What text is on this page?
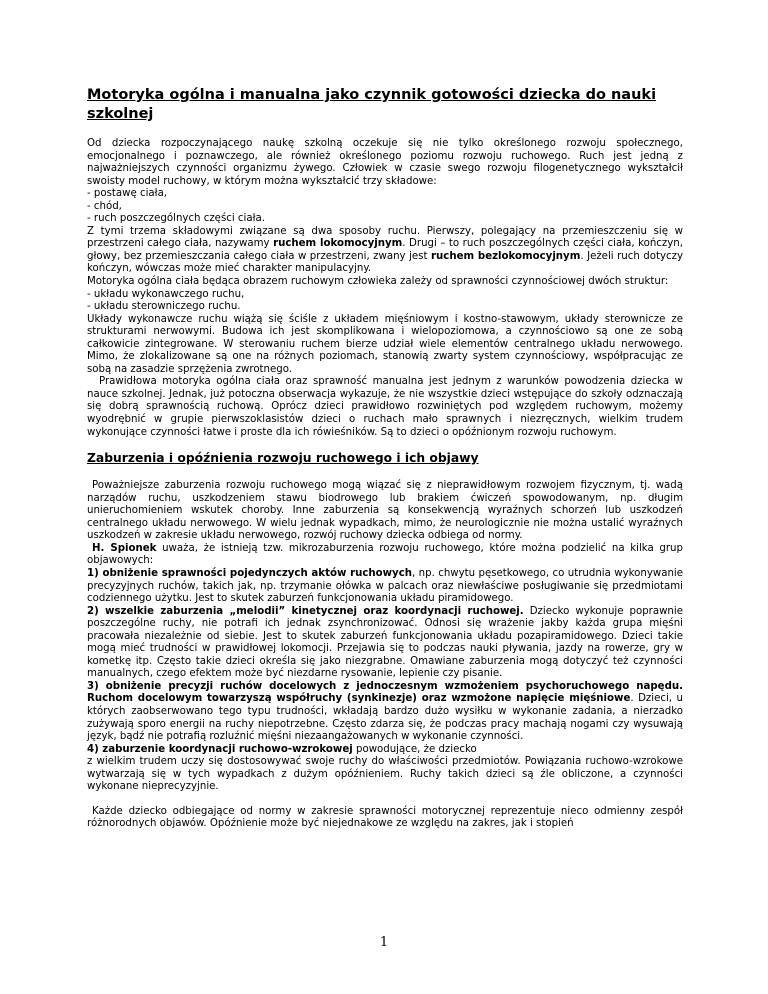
Motoryka ogólna i manualna jako czynnik gotowości dziecka do nauki szkolnej

Od dziecka rozpoczynającego naukę szkolną oczekuje się nie tylko określonego rozwoju społecznego, emocjonalnego i poznawczego, ale również określonego poziomu rozwoju ruchowego. Ruch jest jedną z najważniejszych czynności organizmu żywego. Człowiek w czasie swego rozwoju filogenetycznego wykształcił swoisty model ruchowy, w którym można wykształcić trzy składowe:

- postawę ciała,

- chód,

- ruch poszczególnych części ciała.

Z tymi trzema składowymi związane są dwa sposoby ruchu. Pierwszy, polegający na przemieszczeniu się w przestrzeni całego ciała, nazywamy ruchem lokomocyjnym. Drugi – to ruch poszczególnych części ciała, kończyn, głowy, bez przemieszczania całego ciała w przestrzeni, zwany jest ruchem bezlokomocyjnym. Jeżeli ruch dotyczy kończyn, wówczas może mieć charakter manipulacyjny.

Motoryka ogólna ciała będąca obrazem ruchowym człowieka zależy od sprawności czynnościowej dwóch struktur:

- układu wykonawczego ruchu,

- układu sterowniczego ruchu.

Układy wykonawcze ruchu wiążą się ściśle z układem mięśniowym i kostno-stawowym, układy sterownicze ze strukturami nerwowymi. Budowa ich jest skomplikowana i wielopoziomowa, a czynnościowo są one ze sobą całkowicie zintegrowane. W sterowaniu ruchem bierze udział wiele elementów centralnego układu nerwowego. Mimo, że zlokalizowane są one na różnych poziomach, stanowią zwarty system czynnościowy, współpracując ze sobą na zasadzie sprzężenia zwrotnego.

Prawidłowa motoryka ogólna ciała oraz sprawność manualna jest jednym z warunków powodzenia dziecka w nauce szkolnej. Jednak, już potoczna obserwacja wykazuje, że nie wszystkie dzieci wstępujące do szkoły odznaczają się dobrą sprawnością ruchową. Oprócz dzieci prawidłowo rozwiniętych pod względem ruchowym, możemy wyodrębnić w grupie pierwszoklasistów dzieci o ruchach mało sprawnych i niezręcznych, wielkim trudem wykonujące czynności łatwe i proste dla ich rówieśników. Są to dzieci o opóźnionym rozwoju ruchowym.

Zaburzenia i opóźnienia rozwoju ruchowego i ich objawy

Poważniejsze zaburzenia rozwoju ruchowego mogą wiązać się z nieprawidłowym rozwojem fizycznym, tj. wadą narządów ruchu, uszkodzeniem stawu biodrowego lub brakiem ćwiczeń spowodowanym, np. długim unieruchomieniem wskutek choroby. Inne zaburzenia są konsekwencją wyraźnych schorzeń lub uszkodzeń centralnego układu nerwowego. W wielu jednak wypadkach, mimo, że neurologicznie nie można ustalić wyraźnych uszkodzeń w zakresie układu nerwowego, rozwój ruchowy dziecka odbiega od normy.

H. Spionek uważa, że istnieją tzw. mikrozaburzenia rozwoju ruchowego, które można podzielić na kilka grup objawowych:

1) obniżenie sprawności pojedynczych aktów ruchowych, np. chwytu pęsetkowego, co utrudnia wykonywanie precyzyjnych ruchów, takich jak, np. trzymanie ołówka w palcach oraz niewłaściwe posługiwanie się przedmiotami codziennego użytku. Jest to skutek zaburzeń funkcjonowania układu piramidowego.

2) wszelkie zaburzenia „melodii” kinetycznej oraz koordynacji ruchowej. Dziecko wykonuje poprawnie poszczególne ruchy, nie potrafi ich jednak zsynchronizować. Odnosi się wrażenie jakby każda grupa mięśni pracowała niezależnie od siebie. Jest to skutek zaburzeń funkcjonowania układu pozapiramidowego. Dzieci takie mogą mieć trudności w prawidłowej lokomocji. Przejawia się to podczas nauki pływania, jazdy na rowerze, gry w kometkę itp. Często takie dzieci określa się jako niezgrabne. Omawiane zaburzenia mogą dotyczyć też czynności manualnych, czego efektem może być niezdarne rysowanie, lepienie czy pisanie.

3) obniżenie precyzji ruchów docelowych z jednoczesnym wzmożeniem psychoruchowego napędu. Ruchom docelowym towarzyszą współruchy (synkinezje) oraz wzmożone napięcie mięśniowe. Dzieci, u których zaobserwowano tego typu trudności, wkładają bardzo dużo wysiłku w wykonanie zadania, a nierzadko zużywają sporo energii na ruchy niepotrzebne. Często zdarza się, że podczas pracy machają nogami czy wysuwają język, bądź nie potrafią rozluźnić mięśni niezaangażowanych w wykonanie czynności.

4) zaburzenie koordynacji ruchowo-wzrokowej powodujące, że dziecko

z wielkim trudem uczy się dostosowywać swoje ruchy do właściwości przedmiotów. Powiązania ruchowo-wzrokowe wytwarzają się w tych wypadkach z dużym opóźnieniem. Ruchy takich dzieci są źle obliczone, a czynności wykonane nieprecyzyjnie.

Każde dziecko odbiegające od normy w zakresie sprawności motorycznej reprezentuje nieco odmienny zespół różnorodnych objawów. Opóźnienie może być niejednakowe ze względu na zakres, jak i stopień

1
